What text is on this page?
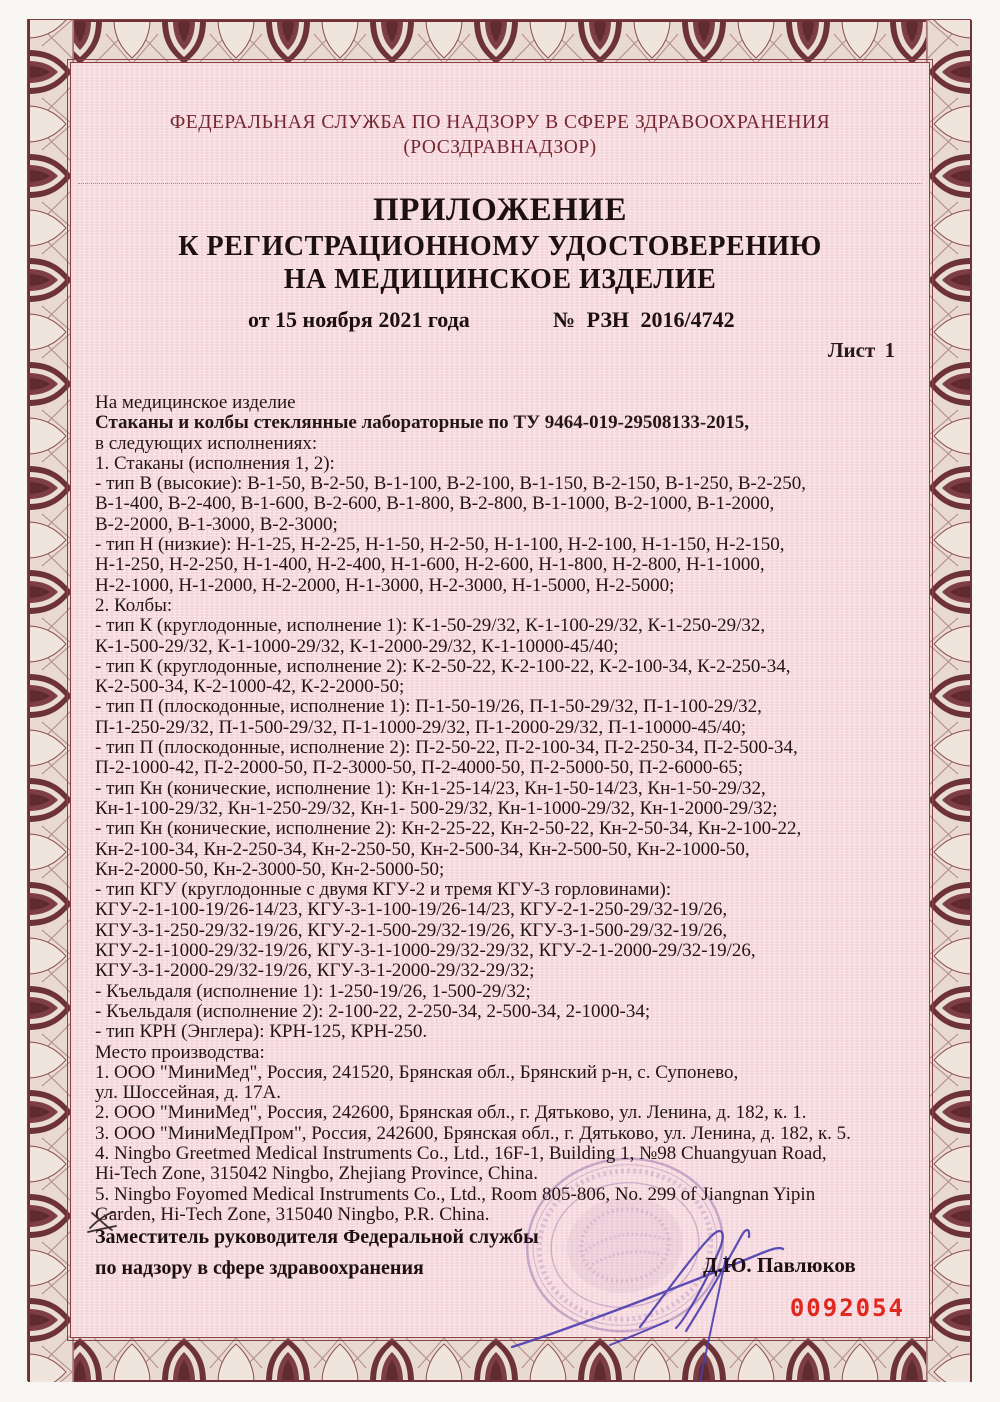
ФЕДЕРАЛЬНАЯ СЛУЖБА ПО НАДЗОРУ В СФЕРЕ ЗДРАВООХРАНЕНИЯ
(РОСЗДРАВНАДЗОР)
ПРИЛОЖЕНИЕ
К РЕГИСТРАЦИОННОМУ УДОСТОВЕРЕНИЮ
НА МЕДИЦИНСКОЕ ИЗДЕЛИЕ
от 15 ноября 2021 года	№ РЗН 2016/4742
Лист 1
На медицинское изделие
Стаканы и колбы стеклянные лабораторные по ТУ 9464-019-29508133-2015,
в следующих исполнениях:
1. Стаканы (исполнения 1, 2):
- тип В (высокие): В-1-50, В-2-50, В-1-100, В-2-100, В-1-150, В-2-150, В-1-250, В-2-250,
В-1-400, В-2-400, В-1-600, В-2-600, В-1-800, В-2-800, В-1-1000, В-2-1000, В-1-2000,
В-2-2000, В-1-3000, В-2-3000;
- тип Н (низкие): Н-1-25, Н-2-25, Н-1-50, Н-2-50, Н-1-100, Н-2-100, Н-1-150, Н-2-150,
Н-1-250, Н-2-250, Н-1-400, Н-2-400, Н-1-600, Н-2-600, Н-1-800, Н-2-800, Н-1-1000,
Н-2-1000, Н-1-2000, Н-2-2000, Н-1-3000, Н-2-3000, Н-1-5000, Н-2-5000;
2. Колбы:
- тип К (круглодонные, исполнение 1): К-1-50-29/32, К-1-100-29/32, К-1-250-29/32,
К-1-500-29/32, К-1-1000-29/32, К-1-2000-29/32, К-1-10000-45/40;
- тип К (круглодонные, исполнение 2): К-2-50-22, К-2-100-22, К-2-100-34, К-2-250-34,
К-2-500-34, К-2-1000-42, К-2-2000-50;
- тип П (плоскодонные, исполнение 1): П-1-50-19/26, П-1-50-29/32, П-1-100-29/32,
П-1-250-29/32, П-1-500-29/32, П-1-1000-29/32, П-1-2000-29/32, П-1-10000-45/40;
- тип П (плоскодонные, исполнение 2): П-2-50-22, П-2-100-34, П-2-250-34, П-2-500-34,
П-2-1000-42, П-2-2000-50, П-2-3000-50, П-2-4000-50, П-2-5000-50, П-2-6000-65;
- тип Кн (конические, исполнение 1): Кн-1-25-14/23, Кн-1-50-14/23, Кн-1-50-29/32,
Кн-1-100-29/32, Кн-1-250-29/32, Кн-1- 500-29/32, Кн-1-1000-29/32, Кн-1-2000-29/32;
- тип Кн (конические, исполнение 2): Кн-2-25-22, Кн-2-50-22, Кн-2-50-34, Кн-2-100-22,
Кн-2-100-34, Кн-2-250-34, Кн-2-250-50, Кн-2-500-34, Кн-2-500-50, Кн-2-1000-50,
Кн-2-2000-50, Кн-2-3000-50, Кн-2-5000-50;
- тип КГУ (круглодонные с двумя КГУ-2 и тремя КГУ-3 горловинами):
КГУ-2-1-100-19/26-14/23, КГУ-3-1-100-19/26-14/23, КГУ-2-1-250-29/32-19/26,
КГУ-3-1-250-29/32-19/26, КГУ-2-1-500-29/32-19/26, КГУ-3-1-500-29/32-19/26,
КГУ-2-1-1000-29/32-19/26, КГУ-3-1-1000-29/32-29/32, КГУ-2-1-2000-29/32-19/26,
КГУ-3-1-2000-29/32-19/26, КГУ-3-1-2000-29/32-29/32;
- Къельдаля (исполнение 1): 1-250-19/26, 1-500-29/32;
- Къельдаля (исполнение 2): 2-100-22, 2-250-34, 2-500-34, 2-1000-34;
- тип КРН (Энглера): КРН-125, КРН-250.
Место производства:
1. ООО "МиниМед", Россия, 241520, Брянская обл., Брянский р-н, с. Супонево,
ул. Шоссейная, д. 17А.
2. ООО "МиниМед", Россия, 242600, Брянская обл., г. Дятьково, ул. Ленина, д. 182, к. 1.
3. ООО "МиниМедПром", Россия, 242600, Брянская обл., г. Дятьково, ул. Ленина, д. 182, к. 5.
4. Ningbo Greetmed Medical Instruments Co., Ltd., 16F-1, Building 1, №98 Chuangyuan Road,
Hi-Tech Zone, 315042 Ningbo, Zhejiang Province, China.
5. Ningbo Foyomed Medical Instruments Co., Ltd., Room 805-806, No. 299 of Jiangnan Yipin
Garden, Hi-Tech Zone, 315040 Ningbo, P.R. China.
Заместитель руководителя Федеральной службы
по надзору в сфере здравоохранения	Д.Ю. Павлюков
0092054
